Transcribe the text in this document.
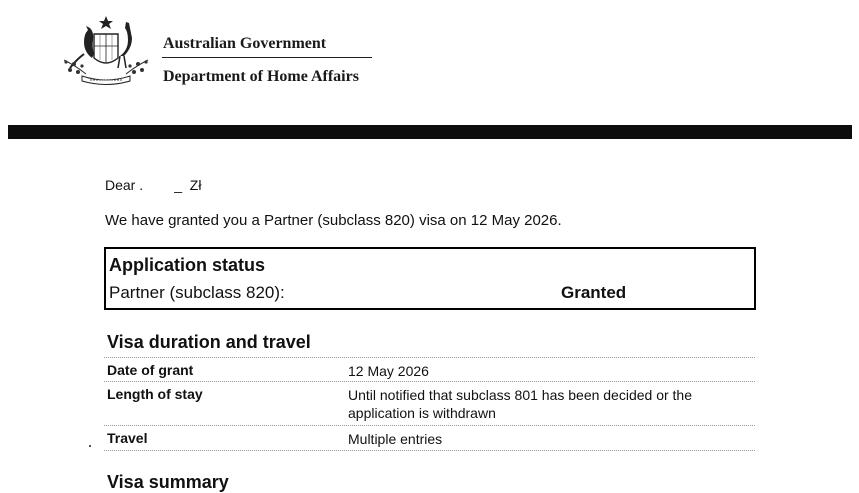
Australian Government
Department of Home Affairs
Dear .        _  Zł
We have granted you a Partner (subclass 820) visa on 12 May 2026.
Application status
Partner (subclass 820):	Granted
Visa duration and travel
Date of grant	12 May 2026
Length of stay	Until notified that subclass 801 has been decided or the application is withdrawn
Travel	Multiple entries
Visa summary
